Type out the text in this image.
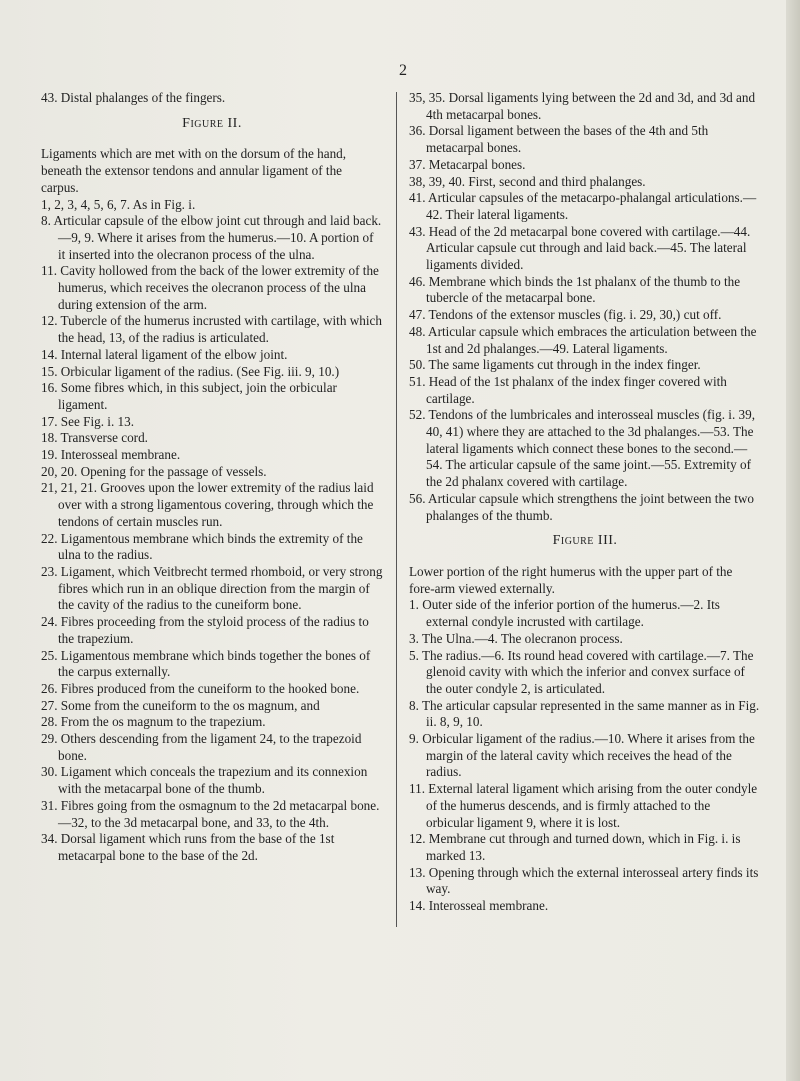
2

43. Distal phalanges of the fingers.

Figure II.

Ligaments which are met with on the dorsum of the hand, beneath the extensor tendons and annular ligament of the carpus.

1, 2, 3, 4, 5, 6, 7. As in Fig. i.

8. Articular capsule of the elbow joint cut through and laid back.—9, 9. Where it arises from the humerus.—10. A portion of it inserted into the olecranon process of the ulna.

11. Cavity hollowed from the back of the lower extremity of the humerus, which receives the olecranon process of the ulna during extension of the arm.

12. Tubercle of the humerus incrusted with cartilage, with which the head, 13, of the radius is articulated.

14. Internal lateral ligament of the elbow joint.

15. Orbicular ligament of the radius. (See Fig. iii. 9, 10.)

16. Some fibres which, in this subject, join the orbicular ligament.

17. See Fig. i. 13.

18. Transverse cord.

19. Interosseal membrane.

20, 20. Opening for the passage of vessels.

21, 21, 21. Grooves upon the lower extremity of the radius laid over with a strong ligamentous covering, through which the tendons of certain muscles run.

22. Ligamentous membrane which binds the extremity of the ulna to the radius.

23. Ligament, which Veitbrecht termed rhomboid, or very strong fibres which run in an oblique direction from the margin of the cavity of the radius to the cuneiform bone.

24. Fibres proceeding from the styloid process of the radius to the trapezium.

25. Ligamentous membrane which binds together the bones of the carpus externally.

26. Fibres produced from the cuneiform to the hooked bone.

27. Some from the cuneiform to the os magnum, and

28. From the os magnum to the trapezium.

29. Others descending from the ligament 24, to the trapezoid bone.

30. Ligament which conceals the trapezium and its connexion with the metacarpal bone of the thumb.

31. Fibres going from the osmagnum to the 2d metacarpal bone.—32, to the 3d metacarpal bone, and 33, to the 4th.

34. Dorsal ligament which runs from the base of the 1st metacarpal bone to the base of the 2d.

35, 35. Dorsal ligaments lying between the 2d and 3d, and 3d and 4th metacarpal bones.

36. Dorsal ligament between the bases of the 4th and 5th metacarpal bones.

37. Metacarpal bones.

38, 39, 40. First, second and third phalanges.

41. Articular capsules of the metacarpo-phalangal articulations.—42. Their lateral ligaments.

43. Head of the 2d metacarpal bone covered with cartilage.—44. Articular capsule cut through and laid back.—45. The lateral ligaments divided.

46. Membrane which binds the 1st phalanx of the thumb to the tubercle of the metacarpal bone.

47. Tendons of the extensor muscles (fig. i. 29, 30,) cut off.

48. Articular capsule which embraces the articulation between the 1st and 2d phalanges.—49. Lateral ligaments.

50. The same ligaments cut through in the index finger.

51. Head of the 1st phalanx of the index finger covered with cartilage.

52. Tendons of the lumbricales and interosseal muscles (fig. i. 39, 40, 41) where they are attached to the 3d phalanges.—53. The lateral ligaments which connect these bones to the second.—54. The articular capsule of the same joint.—55. Extremity of the 2d phalanx covered with cartilage.

56. Articular capsule which strengthens the joint between the two phalanges of the thumb.

Figure III.

Lower portion of the right humerus with the upper part of the fore-arm viewed externally.

1. Outer side of the inferior portion of the humerus.—2. Its external condyle incrusted with cartilage.

3. The Ulna.—4. The olecranon process.

5. The radius.—6. Its round head covered with cartilage.—7. The glenoid cavity with which the inferior and convex surface of the outer condyle 2, is articulated.

8. The articular capsular represented in the same manner as in Fig. ii. 8, 9, 10.

9. Orbicular ligament of the radius.—10. Where it arises from the margin of the lateral cavity which receives the head of the radius.

11. External lateral ligament which arising from the outer condyle of the humerus descends, and is firmly attached to the orbicular ligament 9, where it is lost.

12. Membrane cut through and turned down, which in Fig. i. is marked 13.

13. Opening through which the external interosseal artery finds its way.

14. Interosseal membrane.
